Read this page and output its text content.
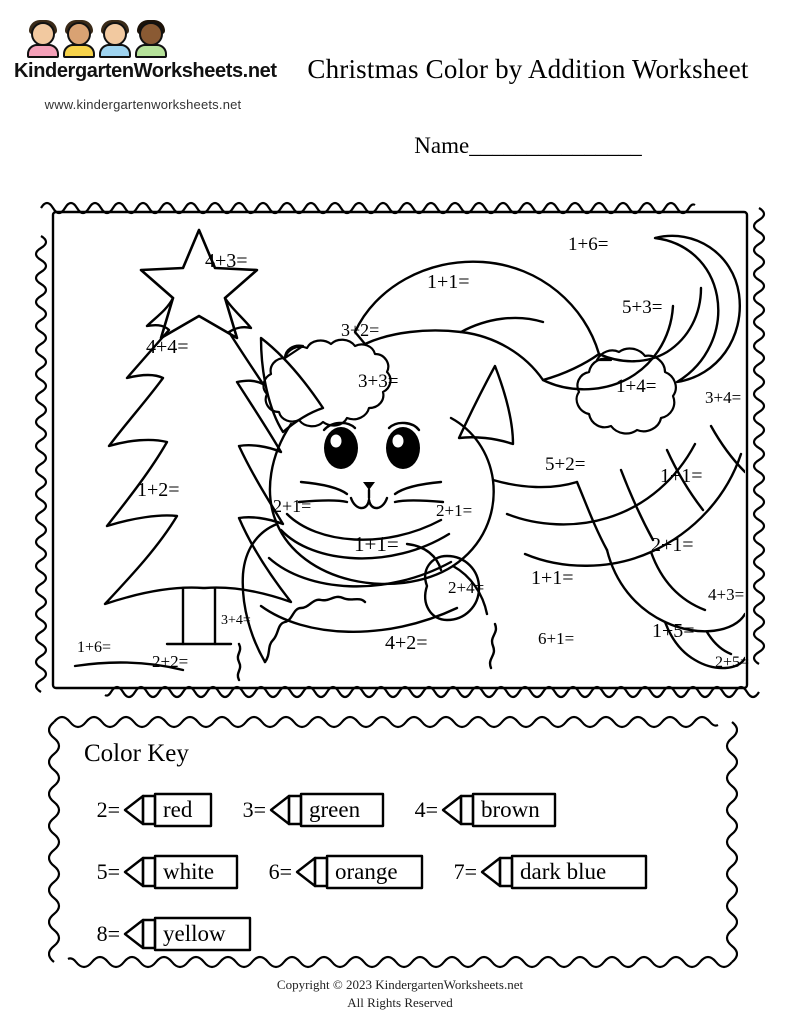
KindergartenWorksheets.net
www.kindergartenworksheets.net
Christmas Color by Addition Worksheet
Name_______________
4+3=
1+1=
1+6=
5+3=
3+2=
4+4=
3+3=	1+4=
3+4=
5+2=
1+1=
1+2=
2+1=	2+1=
1+1=	2+1=
1+1=
2+4=	4+3=
3+4=	1+5=
4+2=	6+1=
1+6=
2+2=	2+5=
Color Key
2= red 3= green 4= brown
5= white 6= orange	7= dark blue
8= yellow
Copyright © 2023 KindergartenWorksheets.net
All Rights Reserved
